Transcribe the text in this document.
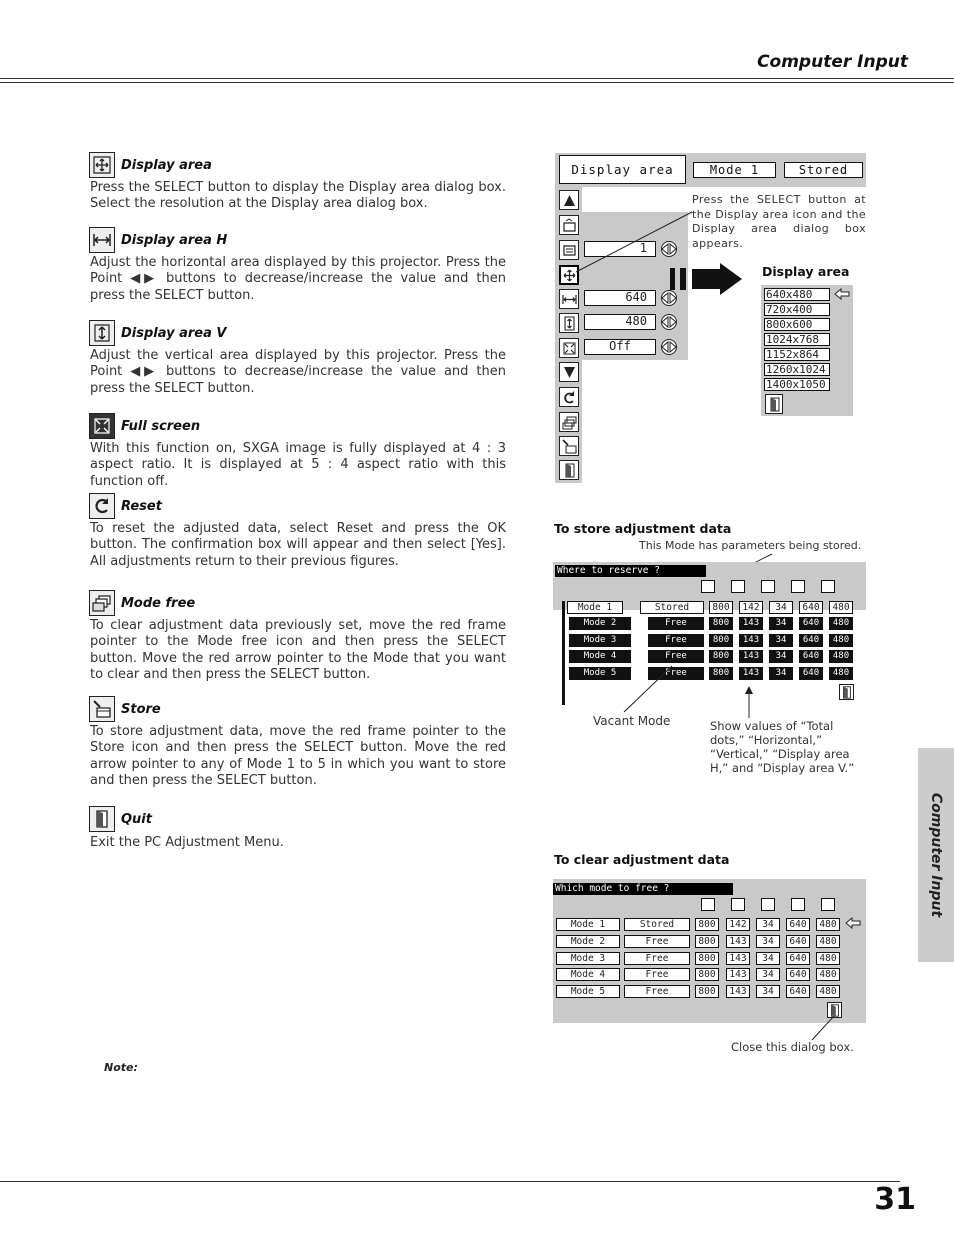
Computer Input
Display area
Press the SELECT button to display the Display area dialog box. Select the resolution at the Display area dialog box.
Display area H
Adjust the horizontal area displayed by this projector. Press the Point ◀▶ buttons to decrease/increase the value and then press the SELECT button.
Display area V
Adjust the vertical area displayed by this projector. Press the Point ◀▶ buttons to decrease/increase the value and then press the SELECT button.
Full screen
With this function on, SXGA image is fully displayed at 4 : 3 aspect ratio. It is displayed at 5 : 4 aspect ratio with this function off.
Reset
To reset the adjusted data, select Reset and press the OK button. The confirmation box will appear and then select [Yes]. All adjustments return to their previous figures.
Mode free
To clear adjustment data previously set, move the red frame pointer to the Mode free icon and then press the SELECT button. Move the red arrow pointer to the Mode that you want to clear and then press the SELECT button.
Store
To store adjustment data, move the red frame pointer to the Store icon and then press the SELECT button. Move the red arrow pointer to any of Mode 1 to 5 in which you want to store and then press the SELECT button.
Quit
Exit the PC Adjustment Menu.
Note:
Display area	Mode 1	Stored
1
640
480
Off
Press the SELECT button at the Display area icon and the Display area dialog box appears.
Display area
640x480
720x400
800x600
1024x768
1152x864
1260x1024
1400x1050
To store adjustment data
This Mode has parameters being stored.
Where to reserve ?
Mode 1	Stored	800	142	34	640	480
Mode 2	Free	800	143	34	640	480
Mode 3	Free	800	143	34	640	480
Mode 4	Free	800	143	34	640	480
Mode 5	Free	800	143	34	640	480
Vacant Mode	Show values of “Total dots,” “Horizontal,” “Vertical,” “Display area H,” and “Display area V.”
To clear adjustment data
Which mode to free ?
Mode 1	Stored	800	142	34	640	480
Mode 2	Free	800	143	34	640	480
Mode 3	Free	800	143	34	640	480
Mode 4	Free	800	143	34	640	480
Mode 5	Free	800	143	34	640	480
Close this dialog box.
Computer Input
31
